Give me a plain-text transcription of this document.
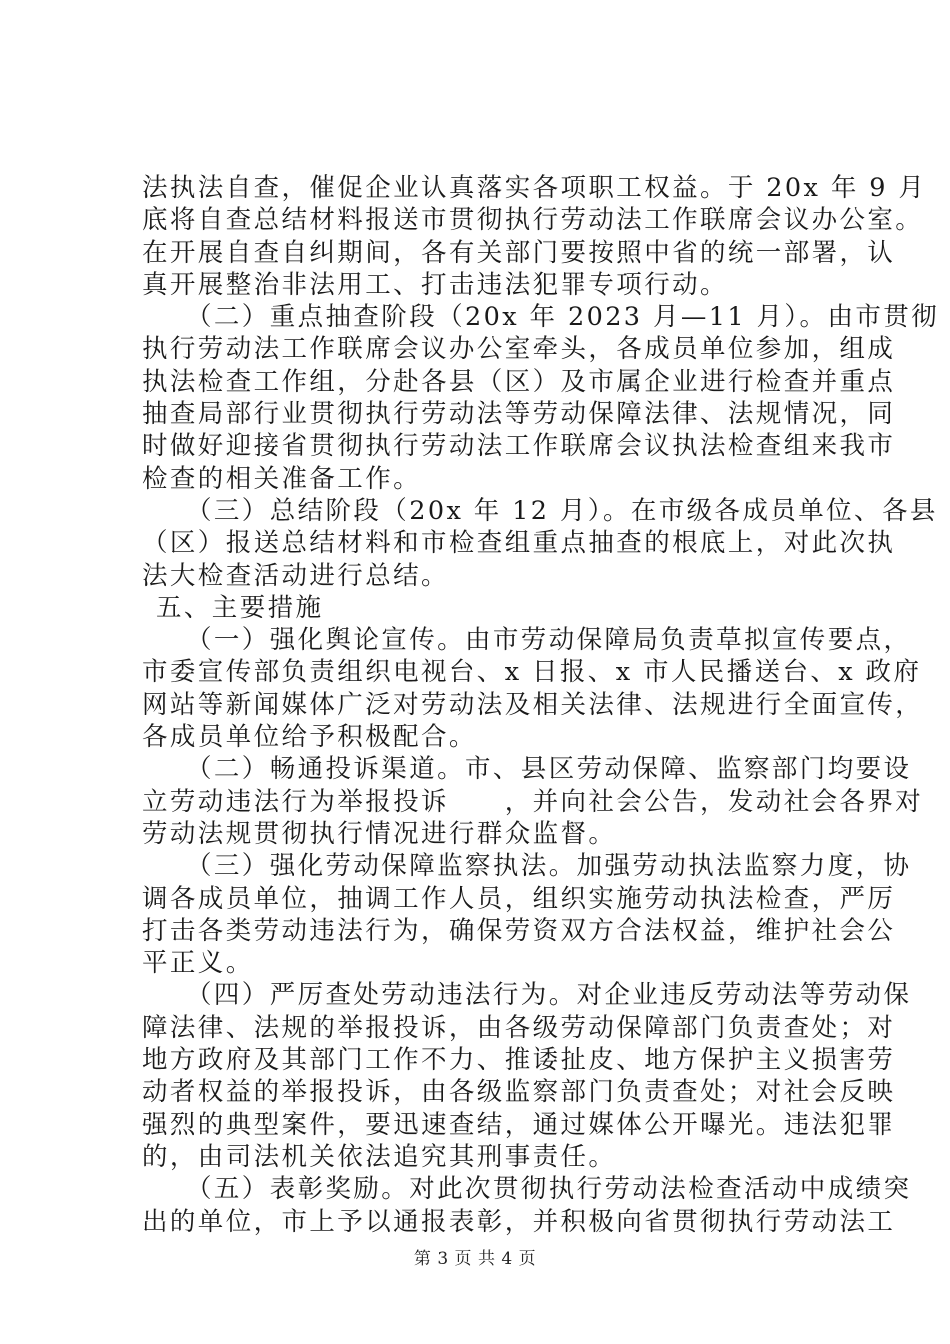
法执法自查，催促企业认真落实各项职工权益。于 20x 年 9 月
底将自查总结材料报送市贯彻执行劳动法工作联席会议办公室。
在开展自查自纠期间，各有关部门要按照中省的统一部署，认
真开展整治非法用工、打击违法犯罪专项行动。
（二）重点抽查阶段（20x 年 2023 月—11 月）。由市贯彻
执行劳动法工作联席会议办公室牵头，各成员单位参加，组成
执法检查工作组，分赴各县（区）及市属企业进行检查并重点
抽查局部行业贯彻执行劳动法等劳动保障法律、法规情况，同
时做好迎接省贯彻执行劳动法工作联席会议执法检查组来我市
检查的相关准备工作。
（三）总结阶段（20x 年 12 月）。在市级各成员单位、各县
（区）报送总结材料和市检查组重点抽查的根底上，对此次执
法大检查活动进行总结。
五、主要措施
（一）强化舆论宣传。由市劳动保障局负责草拟宣传要点，
市委宣传部负责组织电视台、x 日报、x 市人民播送台、x 政府
网站等新闻媒体广泛对劳动法及相关法律、法规进行全面宣传，
各成员单位给予积极配合。
（二）畅通投诉渠道。市、县区劳动保障、监察部门均要设
立劳动违法行为举报投诉　　，并向社会公告，发动社会各界对
劳动法规贯彻执行情况进行群众监督。
（三）强化劳动保障监察执法。加强劳动执法监察力度，协
调各成员单位，抽调工作人员，组织实施劳动执法检查，严厉
打击各类劳动违法行为，确保劳资双方合法权益，维护社会公
平正义。
（四）严厉查处劳动违法行为。对企业违反劳动法等劳动保
障法律、法规的举报投诉，由各级劳动保障部门负责查处；对
地方政府及其部门工作不力、推诿扯皮、地方保护主义损害劳
动者权益的举报投诉，由各级监察部门负责查处；对社会反映
强烈的典型案件，要迅速查结，通过媒体公开曝光。违法犯罪
的，由司法机关依法追究其刑事责任。
（五）表彰奖励。对此次贯彻执行劳动法检查活动中成绩突
出的单位，市上予以通报表彰，并积极向省贯彻执行劳动法工
第 3 页 共 4 页
